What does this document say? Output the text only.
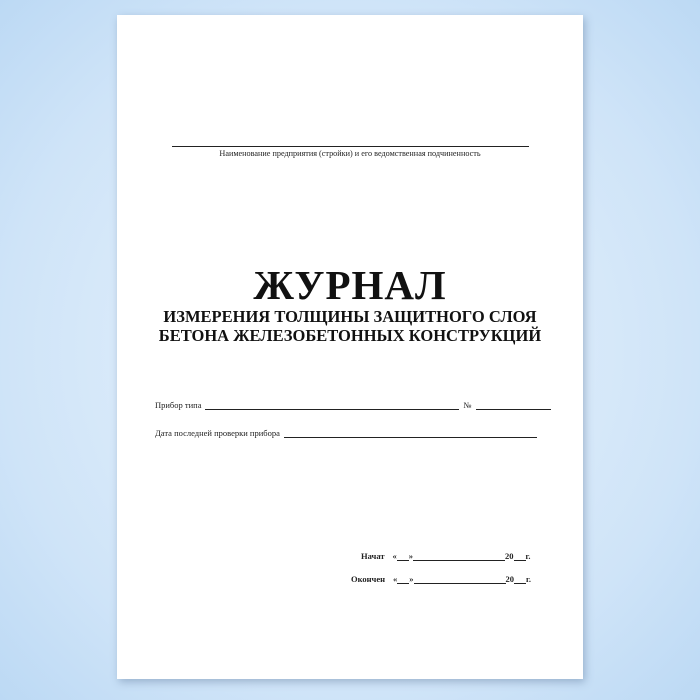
Наименование предприятия (стройки) и его ведомственная подчиненность
ЖУРНАЛ
ИЗМЕРЕНИЯ ТОЛЩИНЫ ЗАЩИТНОГО СЛОЯ
БЕТОНА ЖЕЛЕЗОБЕТОННЫХ КОНСТРУКЦИЙ
Прибор типа	№
Дата последней проверки прибора
Начат « »	20 г.
Окончен « »	20 г.
